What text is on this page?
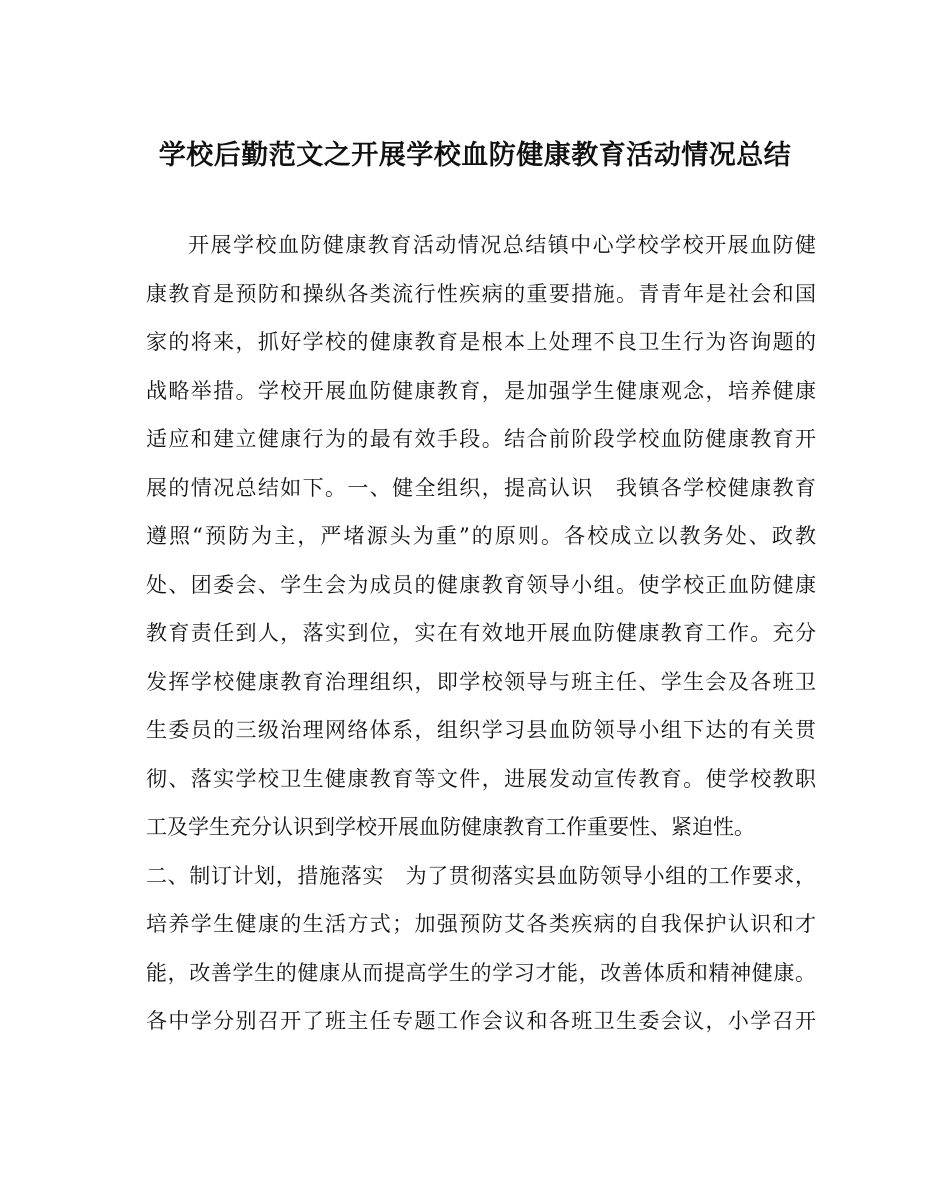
学校后勤范文之开展学校血防健康教育活动情况总结
开展学校血防健康教育活动情况总结镇中心学校学校开展血防健
康教育是预防和操纵各类流行性疾病的重要措施。青青年是社会和国
家的将来，抓好学校的健康教育是根本上处理不良卫生行为咨询题的
战略举措。学校开展血防健康教育，是加强学生健康观念，培养健康
适应和建立健康行为的最有效手段。结合前阶段学校血防健康教育开
展的情况总结如下。一、健全组织，提高认识　我镇各学校健康教育
遵照“预防为主，严堵源头为重”的原则。各校成立以教务处、政教
处、团委会、学生会为成员的健康教育领导小组。使学校正血防健康
教育责任到人，落实到位，实在有效地开展血防健康教育工作。充分
发挥学校健康教育治理组织，即学校领导与班主任、学生会及各班卫
生委员的三级治理网络体系，组织学习县血防领导小组下达的有关贯
彻、落实学校卫生健康教育等文件，进展发动宣传教育。使学校教职
工及学生充分认识到学校开展血防健康教育工作重要性、紧迫性。
二、制订计划，措施落实　为了贯彻落实县血防领导小组的工作要求，
培养学生健康的生活方式；加强预防艾各类疾病的自我保护认识和才
能，改善学生的健康从而提高学生的学习才能，改善体质和精神健康。
各中学分别召开了班主任专题工作会议和各班卫生委会议，小学召开
